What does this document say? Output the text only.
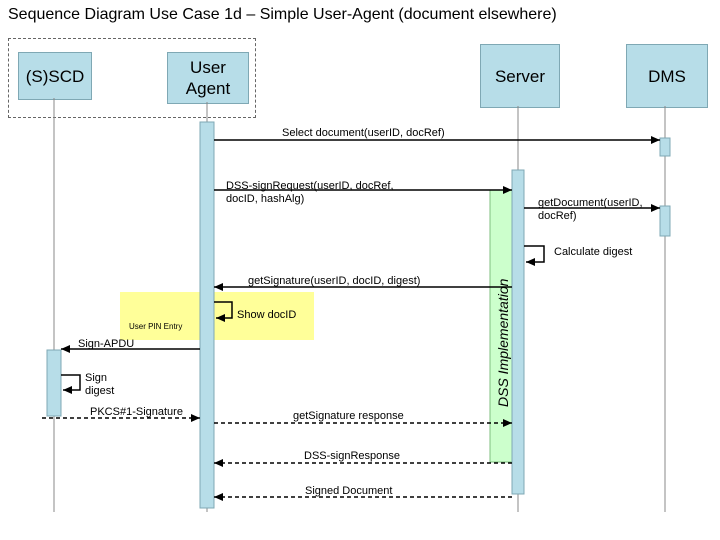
Sequence Diagram Use Case 1d – Simple User-Agent (document elsewhere)
(S)SCD	User
Agent
Server	DMS
User PIN Entry
Show docID	DSS Implementation
Select document(userID, docRef)
DSS-signRequest(userID, docRef,
docID, hashAlg)	getDocument(userID,
docRef)
Calculate digest
getSignature(userID, docID, digest)
Sign-APDU
Sign
digest
PKCS#1-Signature	getSignature response
DSS-signResponse
Signed Document
